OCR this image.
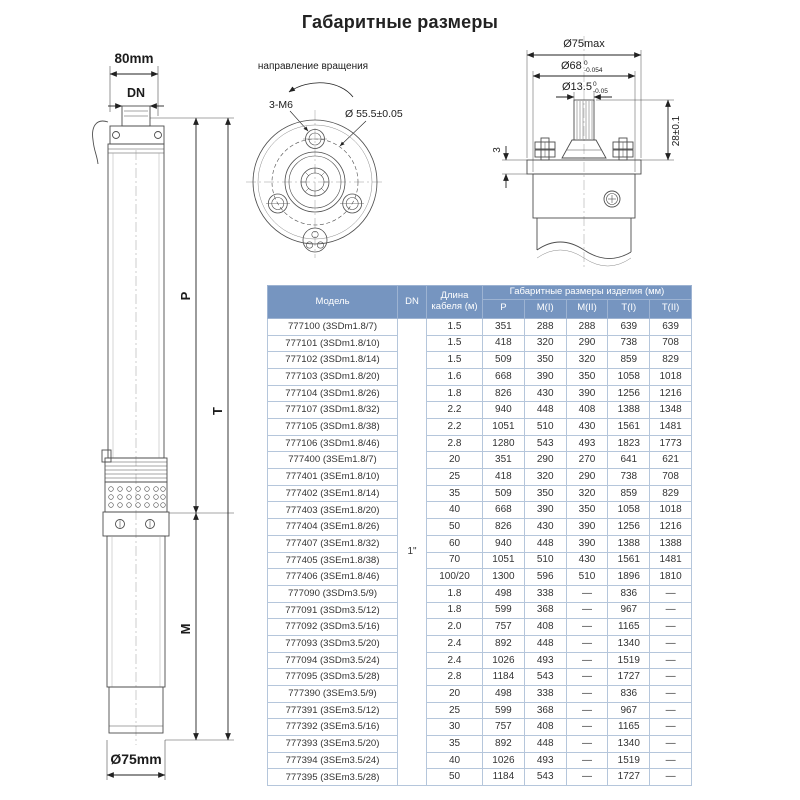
Габаритные размеры
80mm
DN
Ø75mm
P
M
T
направление вращения
3-М6
Ø 55.5±0.05
Ø75max
Ø68 0
-0.054
Ø13.5 0
-0.05
3
28±0.1
Модель	DN	Длина кабеля (м)	Габаритные размеры изделия (мм)				
			P	M(I)	M(II)	T(I)	T(II)
777100 (3SDm1.8/7)	1"	1.5	351	288	288	639	639
777101 (3SDm1.8/10)		1.5	418	320	290	738	708
777102 (3SDm1.8/14)		1.5	509	350	320	859	829
777103 (3SDm1.8/20)		1.6	668	390	350	1058	1018
777104 (3SDm1.8/26)		1.8	826	430	390	1256	1216
777107 (3SDm1.8/32)		2.2	940	448	408	1388	1348
777105 (3SDm1.8/38)		2.2	1051	510	430	1561	1481
777106 (3SDm1.8/46)		2.8	1280	543	493	1823	1773
777400 (3SEm1.8/7)		20	351	290	270	641	621
777401 (3SEm1.8/10)		25	418	320	290	738	708
777402 (3SEm1.8/14)		35	509	350	320	859	829
777403 (3SEm1.8/20)		40	668	390	350	1058	1018
777404 (3SEm1.8/26)		50	826	430	390	1256	1216
777407 (3SEm1.8/32)		60	940	448	390	1388	1388
777405 (3SEm1.8/38)		70	1051	510	430	1561	1481
777406 (3SEm1.8/46)		100/20	1300	596	510	1896	1810
777090 (3SDm3.5/9)		1.8	498	338	—	836	—
777091 (3SDm3.5/12)		1.8	599	368	—	967	—
777092 (3SDm3.5/16)		2.0	757	408	—	1165	—
777093 (3SDm3.5/20)		2.4	892	448	—	1340	—
777094 (3SDm3.5/24)		2.4	1026	493	—	1519	—
777095 (3SDm3.5/28)		2.8	1184	543	—	1727	—
777390 (3SEm3.5/9)		20	498	338	—	836	—
777391 (3SEm3.5/12)		25	599	368	—	967	—
777392 (3SEm3.5/16)		30	757	408	—	1165	—
777393 (3SEm3.5/20)		35	892	448	—	1340	—
777394 (3SEm3.5/24)		40	1026	493	—	1519	—
777395 (3SEm3.5/28)		50	1184	543	—	1727	—
